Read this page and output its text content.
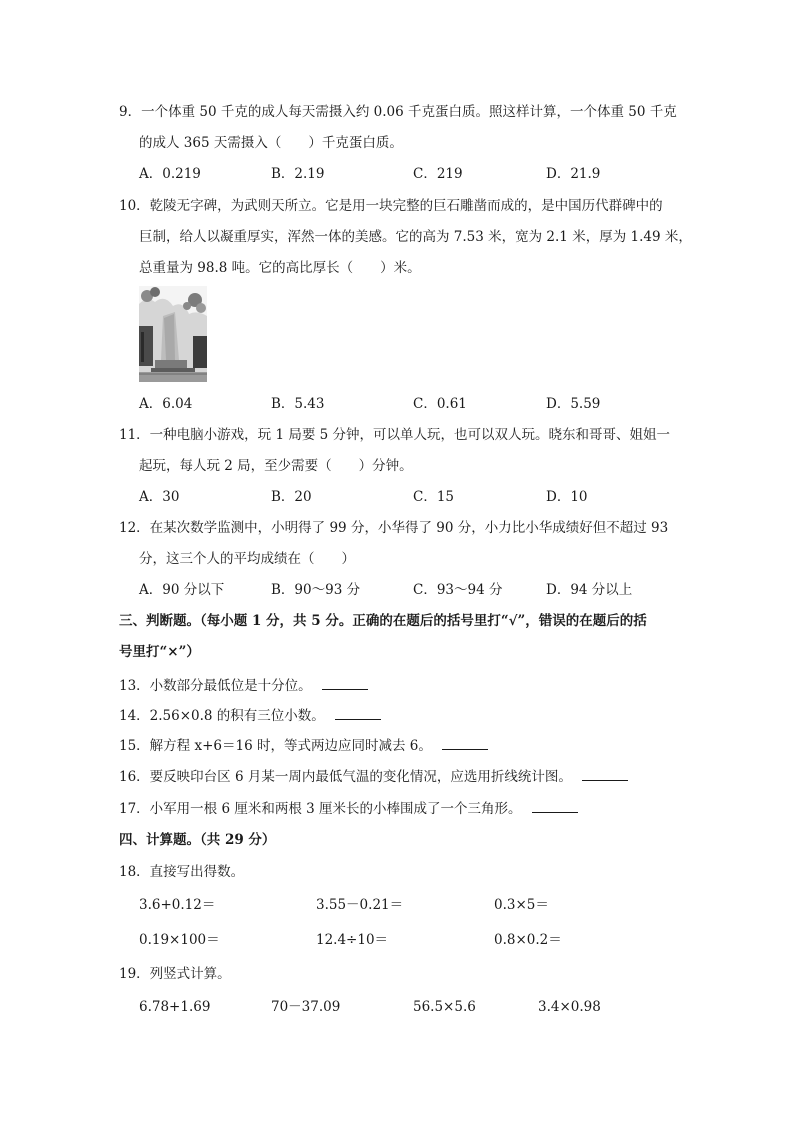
9．一个体重 50 千克的成人每天需摄入约 0.06 千克蛋白质。照这样计算，一个体重 50 千克
的成人 365 天需摄入（　　）千克蛋白质。
A．0.219	B．2.19	C．219	D．21.9
10．乾陵无字碑，为武则天所立。它是用一块完整的巨石雕凿而成的，是中国历代群碑中的
巨制，给人以凝重厚实，浑然一体的美感。它的高为 7.53 米，宽为 2.1 米，厚为 1.49 米，
总重量为 98.8 吨。它的高比厚长（　　）米。
A．6.04	B．5.43	C．0.61	D．5.59
11．一种电脑小游戏，玩 1 局要 5 分钟，可以单人玩，也可以双人玩。晓东和哥哥、姐姐一
起玩，每人玩 2 局，至少需要（　　）分钟。
A．30	B．20	C．15	D．10
12．在某次数学监测中，小明得了 99 分，小华得了 90 分，小力比小华成绩好但不超过 93
分，这三个人的平均成绩在（　　）
A．90 分以下	B．90～93 分	C．93～94 分	D．94 分以上
三、判断题。（每小题 1 分，共 5 分。正确的在题后的括号里打“√”，错误的在题后的括
号里打“×”）
13．小数部分最低位是十分位。
14．2.56×0.8 的积有三位小数。
15．解方程 x+6＝16 时，等式两边应同时减去 6。
16．要反映印台区 6 月某一周内最低气温的变化情况，应选用折线统计图。
17．小军用一根 6 厘米和两根 3 厘米长的小棒围成了一个三角形。
四、计算题。（共 29 分）
18．直接写出得数。
3.6+0.12＝	3.55－0.21＝	0.3×5＝
0.19×100＝	12.4÷10＝	0.8×0.2＝
19．列竖式计算。
6.78+1.69	70－37.09	56.5×5.6	3.4×0.98
